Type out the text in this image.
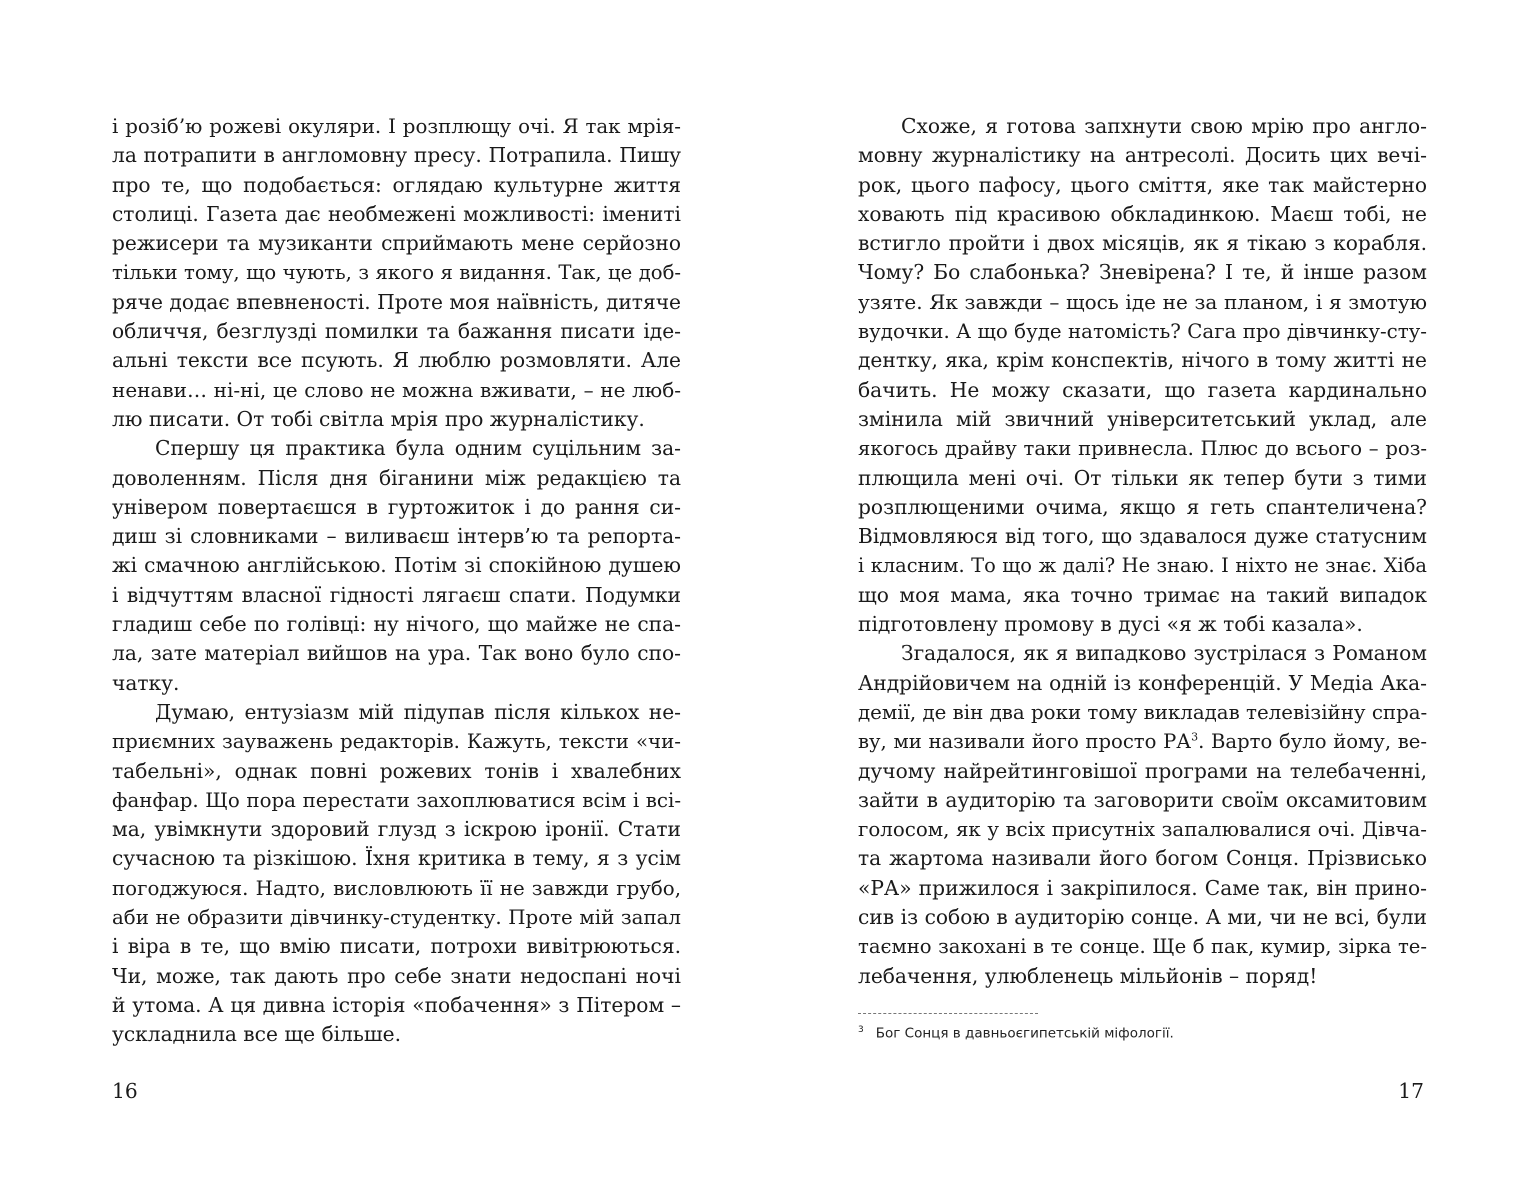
і розіб’ю рожеві окуляри. І розплющу очі. Я так мрія-
ла потрапити в англомовну пресу. Потрапила. Пишу
про те, що подобається: оглядаю культурне життя
столиці. Газета дає необмежені можливості: імениті
режисери та музиканти сприймають мене серйозно
тільки тому, що чують, з якого я видання. Так, це доб-
ряче додає впевненості. Проте моя наївність, дитяче
обличчя, безглузді помилки та бажання писати іде-
альні тексти все псують. Я люблю розмовляти. Але
ненави… ні-ні, це слово не можна вживати, – не люб-
лю писати. От тобі світла мрія про журналістику.
Спершу ця практика була одним суцільним за-
доволенням. Після дня біганини між редакцією та
універом повертаєшся в гуртожиток і до рання си-
диш зі словниками – виливаєш інтерв’ю та репорта-
жі смачною англійською. Потім зі спокійною душею
і відчуттям власної гідності лягаєш спати. Подумки
гладиш себе по голівці: ну нічого, що майже не спа-
ла, зате матеріал вийшов на ура. Так воно було спо-
чатку.
Думаю, ентузіазм мій підупав після кількох не-
приємних зауважень редакторів. Кажуть, тексти «чи-
табельні», однак повні рожевих тонів і хвалебних
фанфар. Що пора перестати захоплюватися всім і всі-
ма, увімкнути здоровий глузд з іскрою іронії. Стати
сучасною та різкішою. Їхня критика в тему, я з усім
погоджуюся. Надто, висловлюють її не завжди грубо,
аби не образити дівчинку-студентку. Проте мій запал
і віра в те, що вмію писати, потрохи вивітрюються.
Чи, може, так дають про себе знати недоспані ночі
й утома. А ця дивна історія «побачення» з Пітером –
ускладнила все ще більше.
16
Схоже, я готова запхнути свою мрію про англо-
мовну журналістику на антресолі. Досить цих вечі-
рок, цього пафосу, цього сміття, яке так майстерно
ховають під красивою обкладинкою. Маєш тобі, не
встигло пройти і двох місяців, як я тікаю з корабля.
Чому? Бо слабонька? Зневірена? І те, й інше разом
узяте. Як завжди – щось іде не за планом, і я змотую
вудочки. А що буде натомість? Сага про дівчинку-сту-
дентку, яка, крім конспектів, нічого в тому житті не
бачить. Не можу сказати, що газета кардинально
змінила мій звичний університетський уклад, але
якогось драйву таки привнесла. Плюс до всього – роз-
плющила мені очі. От тільки як тепер бути з тими
розплющеними очима, якщо я геть спантеличена?
Відмовляюся від того, що здавалося дуже статусним
і класним. То що ж далі? Не знаю. І ніхто не знає. Хіба
що моя мама, яка точно тримає на такий випадок
підготовлену промову в дусі «я ж тобі казала».
Згадалося, як я випадково зустрілася з Романом
Андрійовичем на одній із конференцій. У Медіа Ака-
демії, де він два роки тому викладав телевізійну спра-
ву, ми називали його просто РА$^3$. Варто було йому, ве-
дучому найрейтинговішої програми на телебаченні,
зайти в аудиторію та заговорити своїм оксамитовим
голосом, як у всіх присутніх запалювалися очі. Дівча-
та жартома називали його богом Сонця. Прізвисько
«РА» прижилося і закріпилося. Саме так, він прино-
сив із собою в аудиторію сонце. А ми, чи не всі, були
таємно закохані в те сонце. Ще б пак, кумир, зірка те-
лебачення, улюбленець мільйонів – поряд!
$^3$ Бог Сонця в давньоєгипетській міфології.
17
